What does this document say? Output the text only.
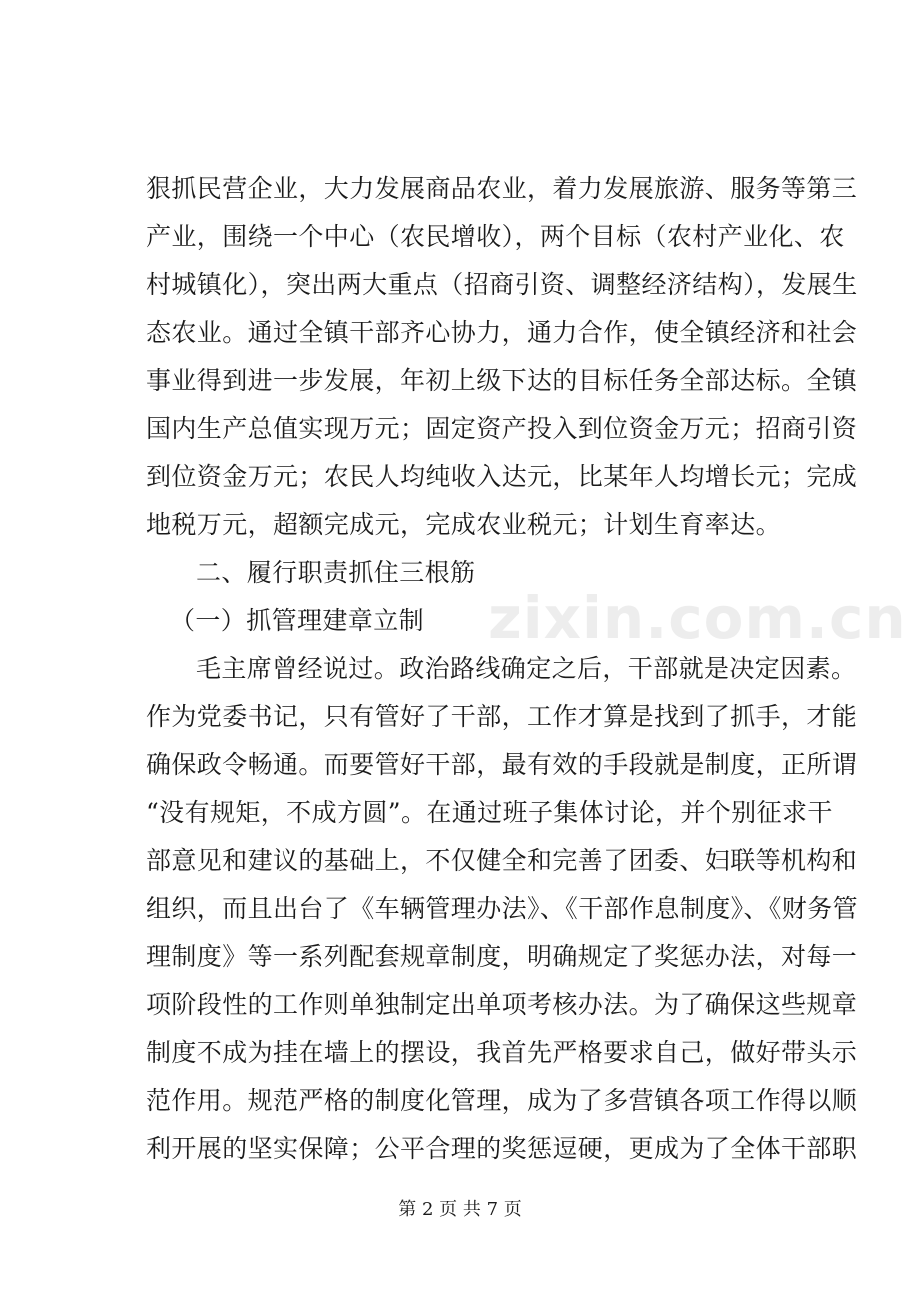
zixin.com.cn
狠抓民营企业，大力发展商品农业，着力发展旅游、服务等第三
产业，围绕一个中心（农民增收），两个目标（农村产业化、农
村城镇化），突出两大重点（招商引资、调整经济结构），发展生
态农业。通过全镇干部齐心协力，通力合作，使全镇经济和社会
事业得到进一步发展，年初上级下达的目标任务全部达标。全镇
国内生产总值实现万元；固定资产投入到位资金万元；招商引资
到位资金万元；农民人均纯收入达元，比某年人均增长元；完成
地税万元，超额完成元，完成农业税元；计划生育率达。
二、履行职责抓住三根筋
（一）抓管理建章立制
毛主席曾经说过。政治路线确定之后，干部就是决定因素。
作为党委书记，只有管好了干部，工作才算是找到了抓手，才能
确保政令畅通。而要管好干部，最有效的手段就是制度，正所谓
“没有规矩，不成方圆”。在通过班子集体讨论，并个别征求干
部意见和建议的基础上，不仅健全和完善了团委、妇联等机构和
组织，而且出台了《车辆管理办法》、《干部作息制度》、《财务管
理制度》等一系列配套规章制度，明确规定了奖惩办法，对每一
项阶段性的工作则单独制定出单项考核办法。为了确保这些规章
制度不成为挂在墙上的摆设，我首先严格要求自己，做好带头示
范作用。规范严格的制度化管理，成为了多营镇各项工作得以顺
利开展的坚实保障；公平合理的奖惩逗硬，更成为了全体干部职
第 2 页 共 7 页
